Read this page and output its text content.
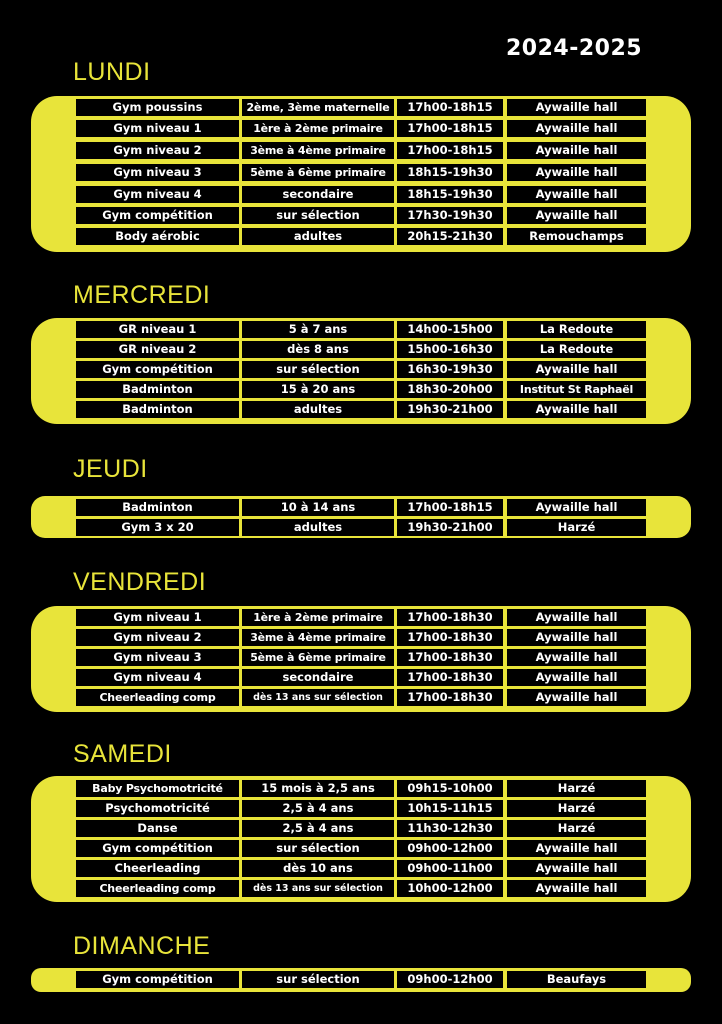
2024-2025
LUNDI
Gym poussins	2ème, 3ème maternelle	17h00-18h15	Aywaille hall
Gym niveau 1	1ère à 2ème primaire	17h00-18h15	Aywaille hall
Gym niveau 2	3ème à 4ème primaire	17h00-18h15	Aywaille hall
Gym niveau 3	5ème à 6ème primaire	18h15-19h30	Aywaille hall
Gym niveau 4	secondaire	18h15-19h30	Aywaille hall
Gym compétition	sur sélection	17h30-19h30	Aywaille hall
Body aérobic	adultes	20h15-21h30	Remouchamps
MERCREDI
GR niveau 1	5 à 7 ans	14h00-15h00	La Redoute
GR niveau 2	dès 8 ans	15h00-16h30	La Redoute
Gym compétition	sur sélection	16h30-19h30	Aywaille hall
Badminton	15 à 20 ans	18h30-20h00	Institut St Raphaël
Badminton	adultes	19h30-21h00	Aywaille hall
JEUDI
Badminton	10 à 14 ans	17h00-18h15	Aywaille hall
Gym 3 x 20	adultes	19h30-21h00	Harzé
VENDREDI
Gym niveau 1	1ère à 2ème primaire	17h00-18h30	Aywaille hall
Gym niveau 2	3ème à 4ème primaire	17h00-18h30	Aywaille hall
Gym niveau 3	5ème à 6ème primaire	17h00-18h30	Aywaille hall
Gym niveau 4	secondaire	17h00-18h30	Aywaille hall
Cheerleading comp	dès 13 ans sur sélection	17h00-18h30	Aywaille hall
SAMEDI
Baby Psychomotricité	15 mois à 2,5 ans	09h15-10h00	Harzé
Psychomotricité	2,5 à 4 ans	10h15-11h15	Harzé
Danse	2,5 à 4 ans	11h30-12h30	Harzé
Gym compétition	sur sélection	09h00-12h00	Aywaille hall
Cheerleading	dès 10 ans	09h00-11h00	Aywaille hall
Cheerleading comp	dès 13 ans sur sélection	10h00-12h00	Aywaille hall
DIMANCHE
Gym compétition	sur sélection	09h00-12h00	Beaufays
